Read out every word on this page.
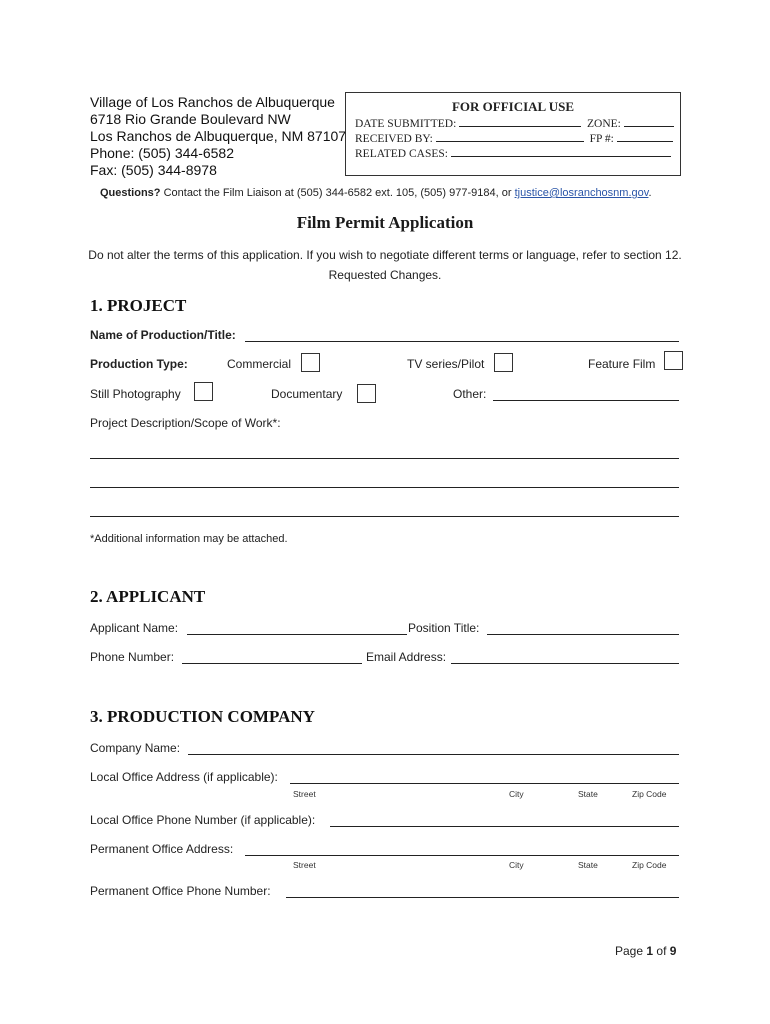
Village of Los Ranchos de Albuquerque
6718 Rio Grande Boulevard NW
Los Ranchos de Albuquerque, NM 87107
Phone: (505) 344-6582
Fax: (505) 344-8978
FOR OFFICIAL USE
DATE SUBMITTED:	ZONE:
RECEIVED BY:	FP #:
RELATED CASES:
Questions? Contact the Film Liaison at (505) 344-6582 ext. 105, (505) 977-9184, or tjustice@losranchosnm.gov.
Film Permit Application
Do not alter the terms of this application. If you wish to negotiate different terms or language, refer to section 12. Requested Changes.
1. PROJECT
Name of Production/Title:
Production Type:	Commercial	TV series/Pilot	Feature Film
Still Photography	Documentary	Other:
Project Description/Scope of Work*:
*Additional information may be attached.
2. APPLICANT
Applicant Name:	Position Title:
Phone Number:	Email Address:
3. PRODUCTION COMPANY
Company Name:
Local Office Address (if applicable):
Street	City	State	Zip Code
Local Office Phone Number (if applicable):
Permanent Office Address:
Street	City	State	Zip Code
Permanent Office Phone Number:
Page 1 of 9
